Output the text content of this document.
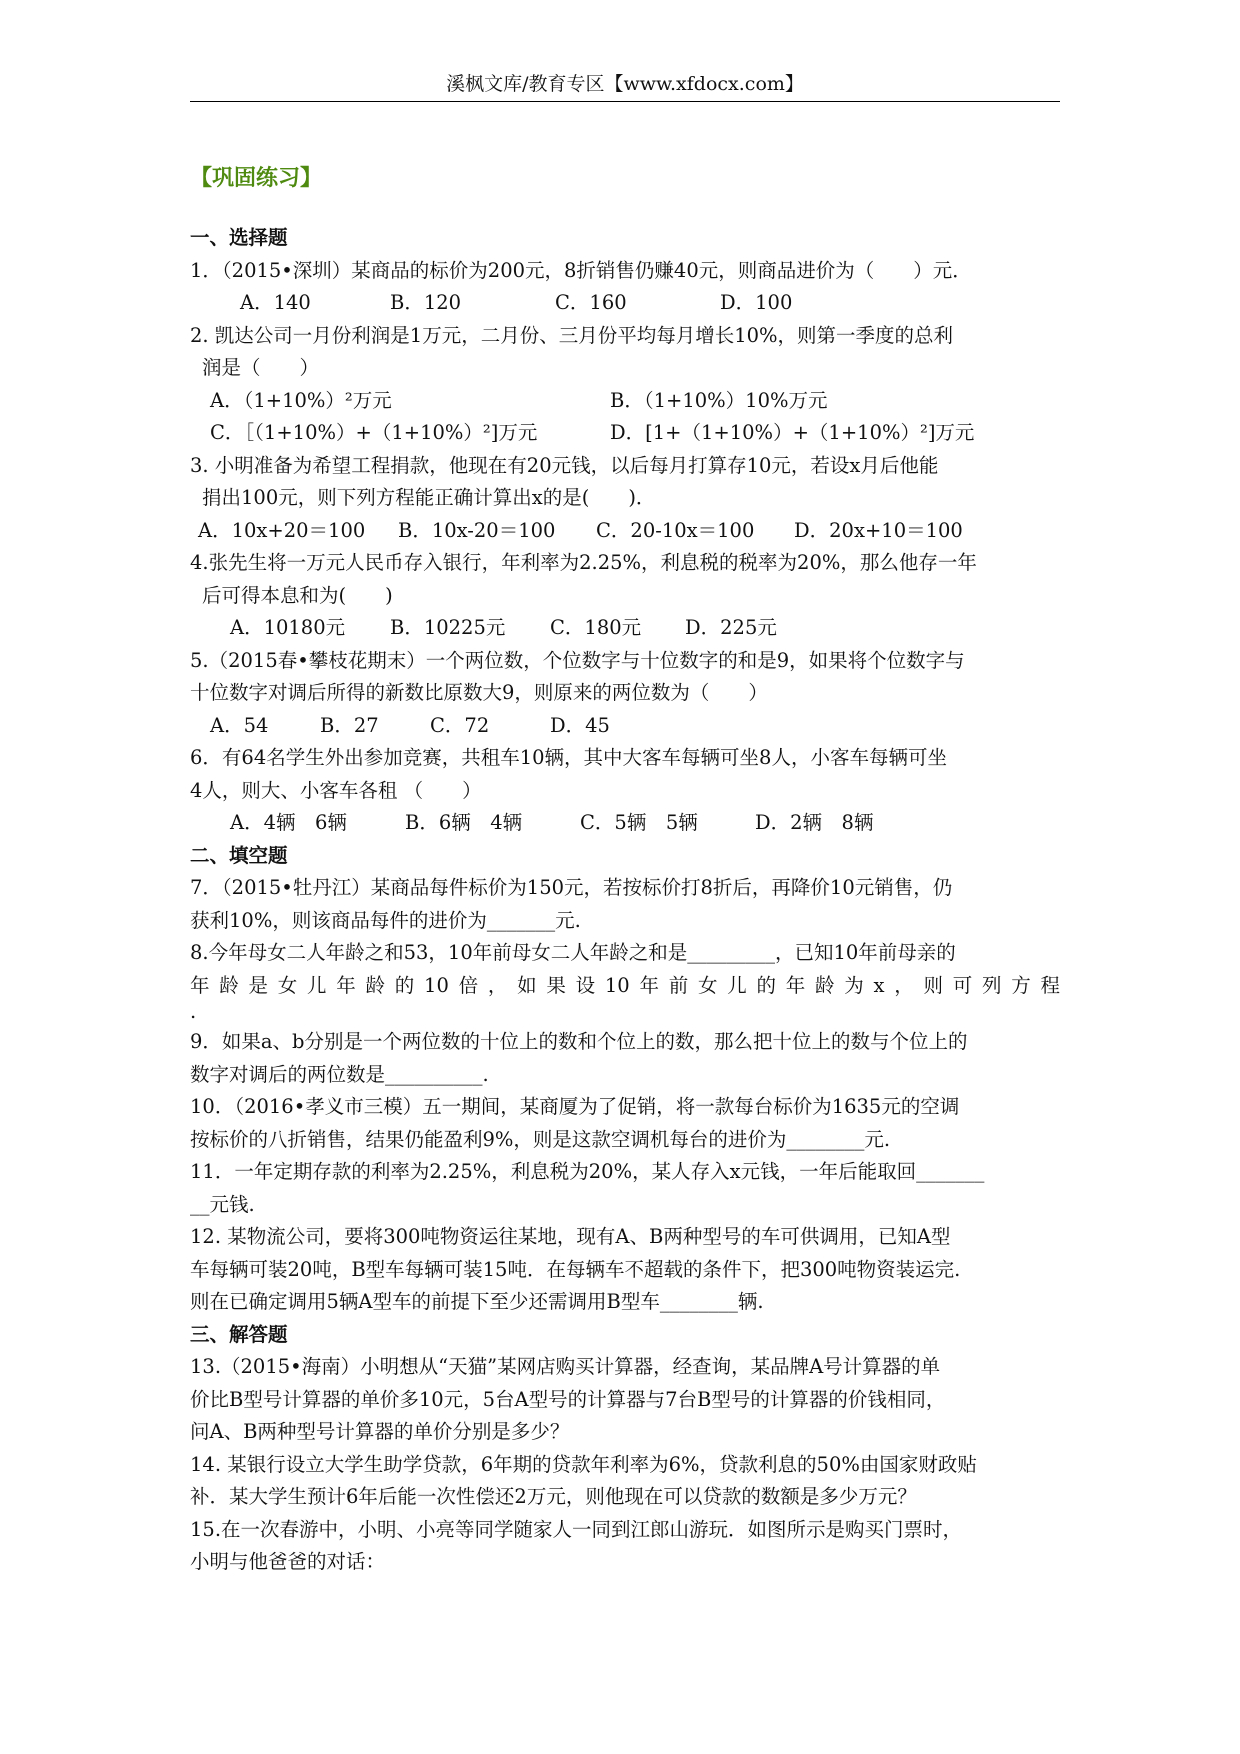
溪枫文库/教育专区【www.xfdocx.com】
【巩固练习】
一、选择题
1．（2015•深圳）某商品的标价为200元，8折销售仍赚40元，则商品进价为（　　）元．
A．140	B．120	C．160	D．100
2. 凯达公司一月份利润是1万元，二月份、三月份平均每月增长10%，则第一季度的总利
润是（　　）
A．（1+10%）²万元	B．（1+10%）10%万元
C．［（1+10%）+（1+10%）²]万元	D．[1+（1+10%）+（1+10%）²]万元
3. 小明准备为希望工程捐款，他现在有20元钱，以后每月打算存10元，若设x月后他能
捐出100元，则下列方程能正确计算出x的是(　　)．
A．10x+20＝100	B．10x-20＝100	C．20-10x＝100	D．20x+10＝100
4.张先生将一万元人民币存入银行，年利率为2.25%，利息税的税率为20%，那么他存一年
后可得本息和为(　　)
A．10180元	B．10225元	C．180元	D．225元
5.（2015春•攀枝花期末）一个两位数，个位数字与十位数字的和是9，如果将个位数字与
十位数字对调后所得的新数比原数大9，则原来的两位数为（　　）
A．54	B．27	C．72	D．45
6．有64名学生外出参加竞赛，共租车10辆，其中大客车每辆可坐8人，小客车每辆可坐
4人，则大、小客车各租 （　　）
A．4辆　6辆	B．6辆　4辆	C．5辆　5辆	D．2辆　8辆
二、填空题
7．（2015•牡丹江）某商品每件标价为150元，若按标价打8折后，再降价10元销售，仍
获利10%，则该商品每件的进价为_______元.
8.今年母女二人年龄之和53，10年前母女二人年龄之和是_________，已知10年前母亲的
年龄是女儿年龄的10倍，如果设10年前女儿的年龄为x，则可列方程
.
9．如果a、b分别是一个两位数的十位上的数和个位上的数，那么把十位上的数与个位上的
数字对调后的两位数是__________.
10．（2016•孝义市三模）五一期间，某商厦为了促销，将一款每台标价为1635元的空调
按标价的八折销售，结果仍能盈利9%，则是这款空调机每台的进价为________元.
11．一年定期存款的利率为2.25%，利息税为20%，某人存入x元钱，一年后能取回_______
__元钱.
12. 某物流公司，要将300吨物资运往某地，现有A、B两种型号的车可供调用，已知A型
车每辆可装20吨，B型车每辆可装15吨．在每辆车不超载的条件下，把300吨物资装运完.
则在已确定调用5辆A型车的前提下至少还需调用B型车________辆.
三、解答题
13.（2015•海南）小明想从“天猫”某网店购买计算器，经查询，某品牌A号计算器的单
价比B型号计算器的单价多10元，5台A型号的计算器与7台B型号的计算器的价钱相同，
问A、B两种型号计算器的单价分别是多少？
14. 某银行设立大学生助学贷款，6年期的贷款年利率为6%，贷款利息的50%由国家财政贴
补．某大学生预计6年后能一次性偿还2万元，则他现在可以贷款的数额是多少万元？
15.在一次春游中，小明、小亮等同学随家人一同到江郎山游玩．如图所示是购买门票时，
小明与他爸爸的对话：
